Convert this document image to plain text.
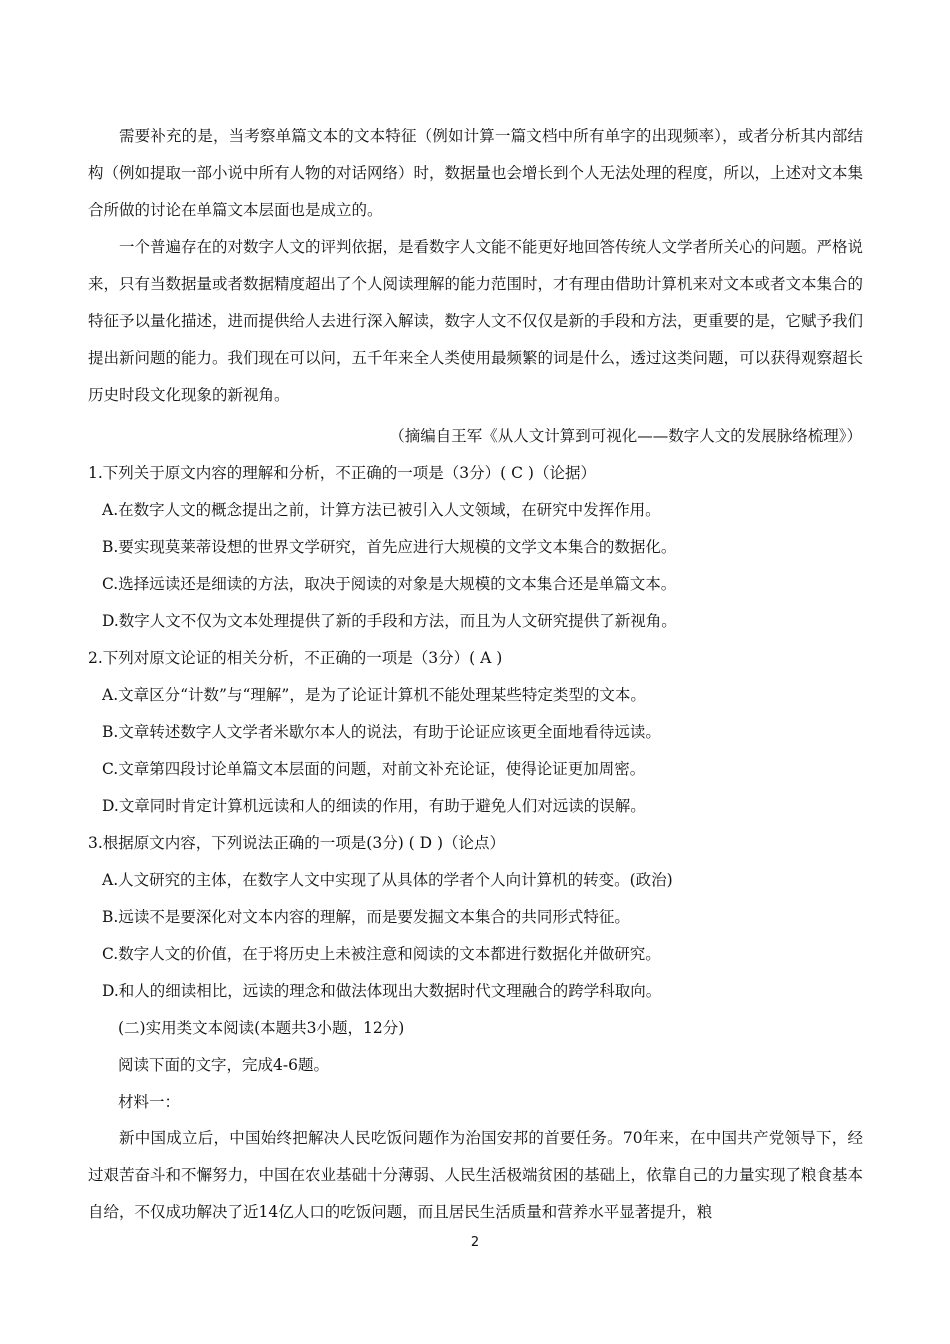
需要补充的是，当考察单篇文本的文本特征（例如计算一篇文档中所有单字的出现频率），或者分析其内部结构（例如提取一部小说中所有人物的对话网络）时，数据量也会增长到个人无法处理的程度，所以，上述对文本集合所做的讨论在单篇文本层面也是成立的。

一个普遍存在的对数字人文的评判依据，是看数字人文能不能更好地回答传统人文学者所关心的问题。严格说来，只有当数据量或者数据精度超出了个人阅读理解的能力范围时，才有理由借助计算机来对文本或者文本集合的特征予以量化描述，进而提供给人去进行深入解读，数字人文不仅仅是新的手段和方法，更重要的是，它赋予我们提出新问题的能力。我们现在可以问，五千年来全人类使用最频繁的词是什么，透过这类问题，可以获得观察超长历史时段文化现象的新视角。

（摘编自王军《从人文计算到可视化——数字人文的发展脉络梳理》）

1.下列关于原文内容的理解和分析，不正确的一项是（3分）( C )（论据）

A.在数字人文的概念提出之前，计算方法已被引入人文领域，在研究中发挥作用。

B.要实现莫莱蒂设想的世界文学研究，首先应进行大规模的文学文本集合的数据化。

C.选择远读还是细读的方法，取决于阅读的对象是大规模的文本集合还是单篇文本。

D.数字人文不仅为文本处理提供了新的手段和方法，而且为人文研究提供了新视角。

2.下列对原文论证的相关分析，不正确的一项是（3分）( A )

A.文章区分“计数”与“理解”，是为了论证计算机不能处理某些特定类型的文本。

B.文章转述数字人文学者米歇尔本人的说法，有助于论证应该更全面地看待远读。

C.文章第四段讨论单篇文本层面的问题，对前文补充论证，使得论证更加周密。

D.文章同时肯定计算机远读和人的细读的作用，有助于避免人们对远读的误解。

3.根据原文内容，下列说法正确的一项是(3分) ( D )（论点）

A.人文研究的主体，在数字人文中实现了从具体的学者个人向计算机的转变。(政治)

B.远读不是要深化对文本内容的理解，而是要发掘文本集合的共同形式特征。

C.数字人文的价值，在于将历史上未被注意和阅读的文本都进行数据化并做研究。

D.和人的细读相比，远读的理念和做法体现出大数据时代文理融合的跨学科取向。

(二)实用类文本阅读(本题共3小题，12分)

阅读下面的文字，完成4-6题。

材料一：

新中国成立后，中国始终把解决人民吃饭问题作为治国安邦的首要任务。70年来，在中国共产党领导下，经过艰苦奋斗和不懈努力，中国在农业基础十分薄弱、人民生活极端贫困的基础上，依靠自己的力量实现了粮食基本自给，不仅成功解决了近14亿人口的吃饭问题，而且居民生活质量和营养水平显著提升，粮

2
